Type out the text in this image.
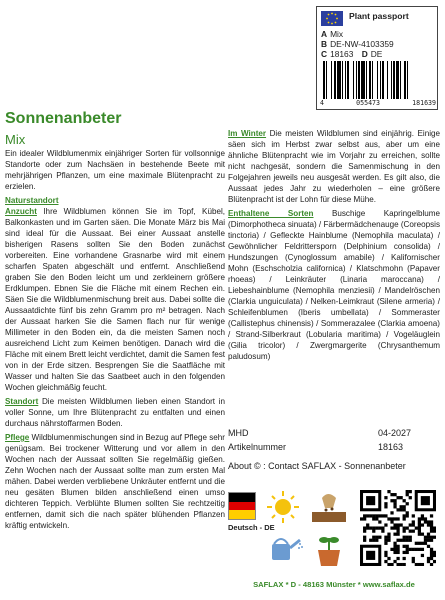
Plant passport
A Mix
B DE-NW-4103359
C 18163 D DE
4	055473	181639
Sonnenanbeter
Mix

Ein idealer Wildblumenmix einjähriger Sorten für vollsonnige Standorte oder zum Nachsäen in bestehende Beete mit mehrjährigen Pflanzen, um eine maximale Blütenpracht zu erzielen.

Naturstandort

Anzucht Ihre Wildblumen können Sie im Topf, Kübel, Balkonkasten und im Garten säen. Die Monate März bis Mai sind ideal für die Aussaat. Bei einer Aussaat anstelle bisherigen Rasens sollten Sie den Boden zunächst vorbereiten. Eine vorhandene Grasnarbe wird mit einem scharfen Spaten abgeschält und entfernt. Anschließend graben Sie den Boden leicht um und zerkleinern größere Erdklumpen. Ebnen Sie die Fläche mit einem Rechen ein. Säen Sie die Wildblumenmischung breit aus. Dabei sollte die Aussaatdichte fünf bis zehn Gramm pro m² betragen. Nach der Aussaat harken Sie die Samen flach nur für wenige Millimeter in den Boden ein, da die meisten Samen noch ausreichend Licht zum Keimen benötigen. Danach wird die Fläche mit einem Brett leicht verdichtet, damit die Samen fest von in der Erde sitzen. Besprengen Sie die Saatfläche mit Wasser und halten Sie das Saatbeet auch in den folgenden Wochen gleichmäßig feucht.

Standort Die meisten Wildblumen lieben einen Standort in voller Sonne, um Ihre Blütenpracht zu entfalten und einen durchaus nährstoffarmen Boden.

Pflege Wildblumenmischungen sind in Bezug auf Pflege sehr genügsam. Bei trockener Witterung und vor allem in den Wochen nach der Aussaat sollten Sie regelmäßig gießen. Zehn Wochen nach der Aussaat sollte man zum ersten Mal mähen. Dabei werden verbliebene Unkräuter entfernt und die neu gesäten Blumen bilden anschließend einen umso dichteren Teppich. Verblühte Blumen sollten Sie rechtzeitig entfernen, damit sich die nach später blühenden Pflanzen kräftig entwickeln.

Im Winter Die meisten Wildblumen sind einjährig. Einige säen sich im Herbst zwar selbst aus, aber um eine ähnliche Blütenpracht wie im Vorjahr zu erreichen, sollte nicht nachgesät, sondern die Samenmischung in den Folgejahren jeweils neu ausgesät werden. Es gilt also, die Aussaat jedes Jahr zu wiederholen – eine größere Blütenpracht ist der Lohn für diese Mühe.

Enthaltene Sorten Buschige Kapringelblume (Dimorphotheca sinuata) / Färbermädchenauge (Coreopsis tinctoria) / Gefleckte Hainblume (Nemophila maculata) / Gewöhnlicher Feldrittersporn (Delphinium consolida) / Hundszungen (Cynoglossum amabile) / Kalifornischer Mohn (Eschscholzia californica) / Klatschmohn (Papaver rhoeas) / Leinkräuter (Linaria maroccana) / Liebeshainblume (Nemophila menziesii) / Mandelröschen (Clarkia unguiculata) / Nelken-Leimkraut (Silene armeria) / Schleifenblumen (Iberis umbellata) / Sommeraster (Callistephus chinensis) / Sommerazalee (Clarkia amoena) / Strand-Silberkraut (Lobularia maritima) / Vogeläuglein (Gilia tricolor) / Zwergmargerite (Chrysanthemum paludosum)

MHD	04-2027
Artikelnummer	18163
About © : Contact SAFLAX - Sonnenanbeter
Deutsch - DE
SAFLAX * D - 48163 Münster * www.saflax.de
